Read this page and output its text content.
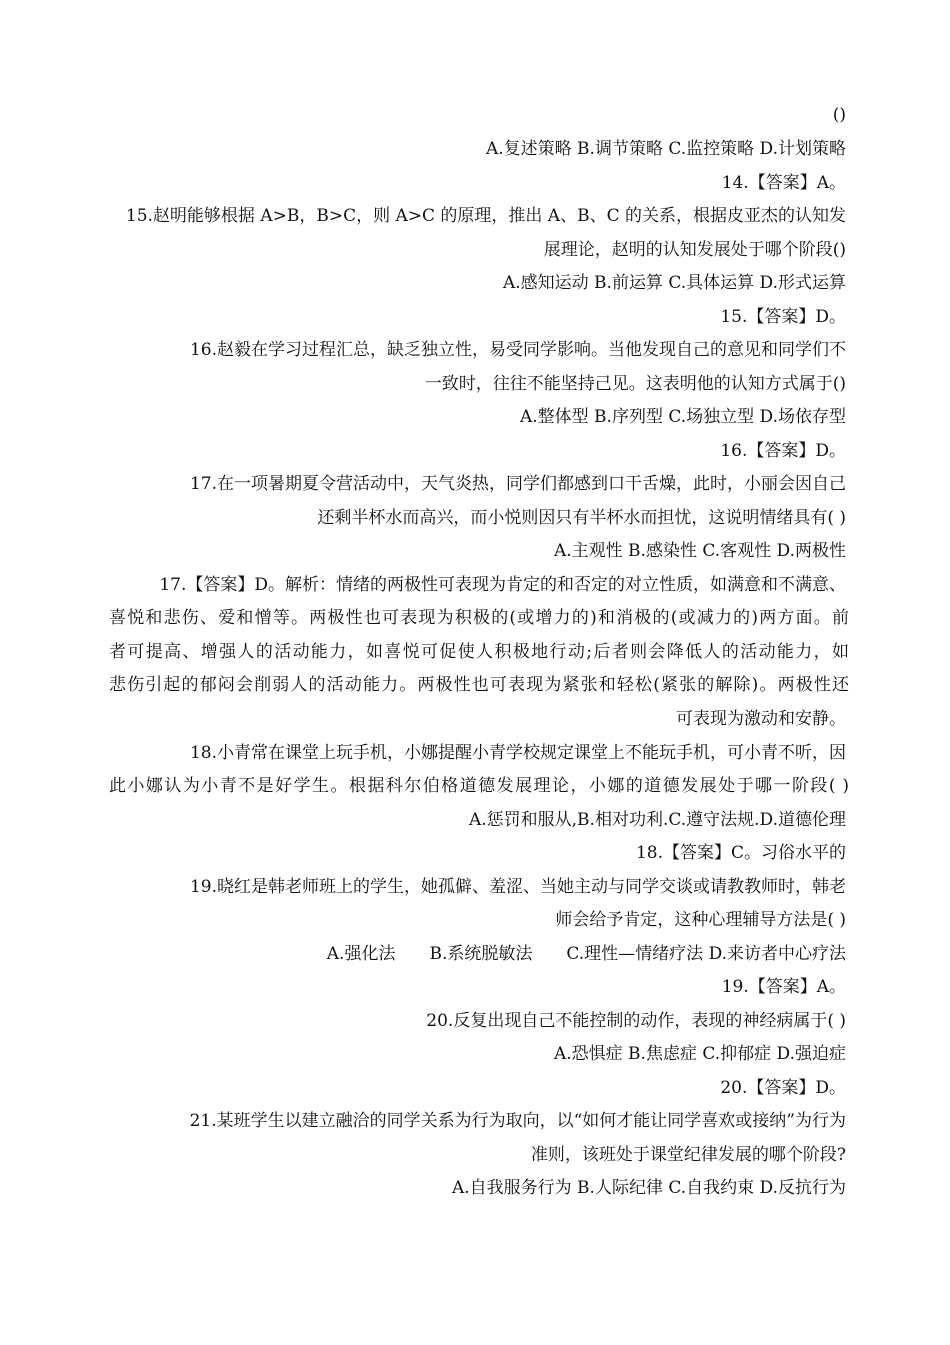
()
A.复述策略 B.调节策略 C.监控策略 D.计划策略
14.【答案】A。
15.赵明能够根据 A>B，B>C，则 A>C 的原理，推出 A、B、C 的关系，根据皮亚杰的认知发
展理论，赵明的认知发展处于哪个阶段()
A.感知运动 B.前运算 C.具体运算 D.形式运算
15.【答案】D。
16.赵毅在学习过程汇总，缺乏独立性，易受同学影响。当他发现自己的意见和同学们不
一致时，往往不能坚持己见。这表明他的认知方式属于()
A.整体型 B.序列型 C.场独立型 D.场依存型
16.【答案】D。
17.在一项暑期夏令营活动中，天气炎热，同学们都感到口干舌燥，此时，小丽会因自己
还剩半杯水而高兴，而小悦则因只有半杯水而担忧，这说明情绪具有( )
A.主观性 B.感染性 C.客观性 D.两极性
17.【答案】D。解析：情绪的两极性可表现为肯定的和否定的对立性质，如满意和不满意、
喜悦和悲伤、爱和憎等。两极性也可表现为积极的(或增力的)和消极的(或减力的)两方面。前
者可提高、增强人的活动能力，如喜悦可促使人积极地行动;后者则会降低人的活动能力，如
悲伤引起的郁闷会削弱人的活动能力。两极性也可表现为紧张和轻松(紧张的解除)。两极性还
可表现为激动和安静。
18.小青常在课堂上玩手机，小娜提醒小青学校规定课堂上不能玩手机，可小青不听，因
此小娜认为小青不是好学生。根据科尔伯格道德发展理论，小娜的道德发展处于哪一阶段( )
A.惩罚和服从,B.相对功利.C.遵守法规.D.道德伦理
18.【答案】C。习俗水平的
19.晓红是韩老师班上的学生，她孤僻、羞涩、当她主动与同学交谈或请教教师时，韩老
师会给予肯定，这种心理辅导方法是( )
A.强化法　　B.系统脱敏法　　C.理性—情绪疗法 D.来访者中心疗法
19.【答案】A。
20.反复出现自己不能控制的动作，表现的神经病属于( )
A.恐惧症 B.焦虑症 C.抑郁症 D.强迫症
20.【答案】D。
21.某班学生以建立融洽的同学关系为行为取向，以“如何才能让同学喜欢或接纳”为行为
准则，该班处于课堂纪律发展的哪个阶段?
A.自我服务行为 B.人际纪律 C.自我约束 D.反抗行为
